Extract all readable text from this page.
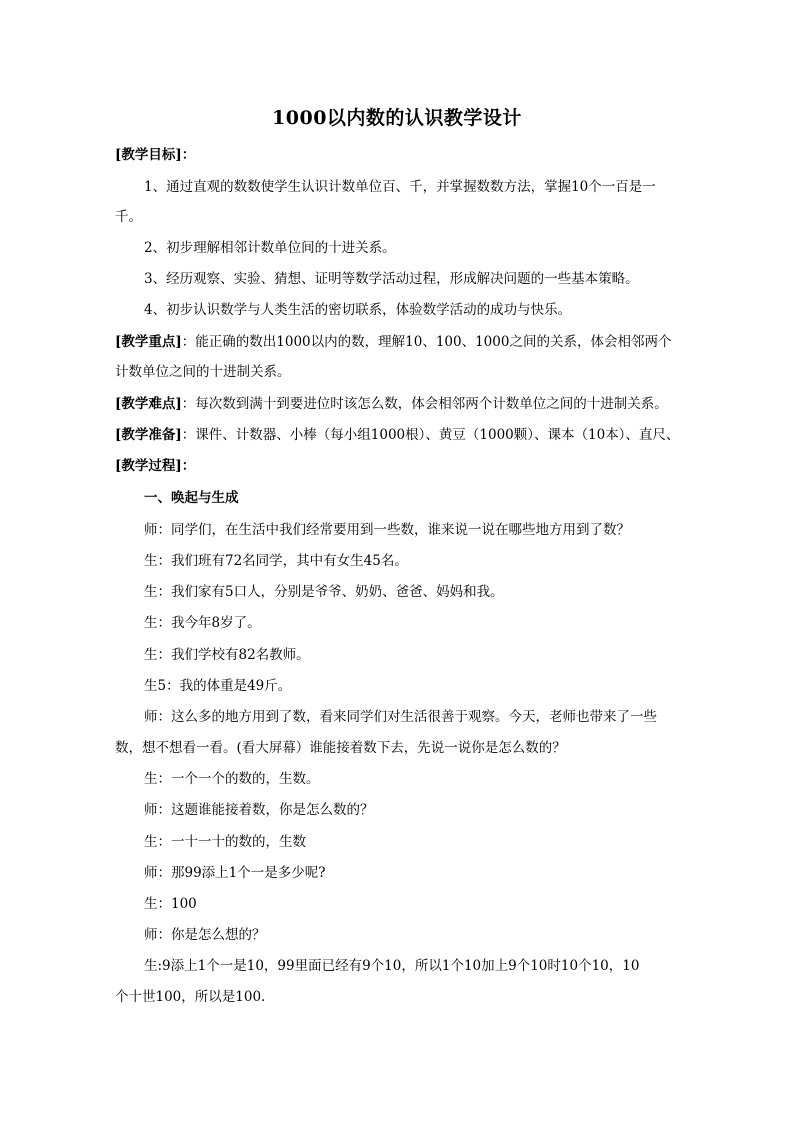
1000以内数的认识教学设计
[教学目标]：
1、通过直观的数数使学生认识计数单位百、千，并掌握数数方法，掌握10个一百是一
千。
2、初步理解相邻计数单位间的十进关系。
3、经历观察、实验、猜想、证明等数学活动过程，形成解决问题的一些基本策略。
4、初步认识数学与人类生活的密切联系，体验数学活动的成功与快乐。
[教学重点]：能正确的数出1000以内的数，理解10、100、1000之间的关系，体会相邻两个
计数单位之间的十进制关系。
[教学难点]：每次数到满十到要进位时该怎么数，体会相邻两个计数单位之间的十进制关系。
[教学准备]：课件、计数器、小棒（每小组1000根）、黄豆（1000颗）、课本（10本）、直尺、
[教学过程]：
一、唤起与生成
师：同学们，在生活中我们经常要用到一些数，谁来说一说在哪些地方用到了数？
生：我们班有72名同学，其中有女生45名。
生：我们家有5口人，分别是爷爷、奶奶、爸爸、妈妈和我。
生：我今年8岁了。
生：我们学校有82名教师。
生5：我的体重是49斤。
师：这么多的地方用到了数，看来同学们对生活很善于观察。今天，老师也带来了一些
数，想不想看一看。(看大屏幕）谁能接着数下去，先说一说你是怎么数的？
生：一个一个的数的，生数。
师：这题谁能接着数，你是怎么数的？
生：一十一十的数的，生数
师：那99添上1个一是多少呢?
生：100
师：你是怎么想的？
生:9添上1个一是10，99里面已经有9个10，所以1个10加上9个10时10个10，10
个十世100，所以是100.
